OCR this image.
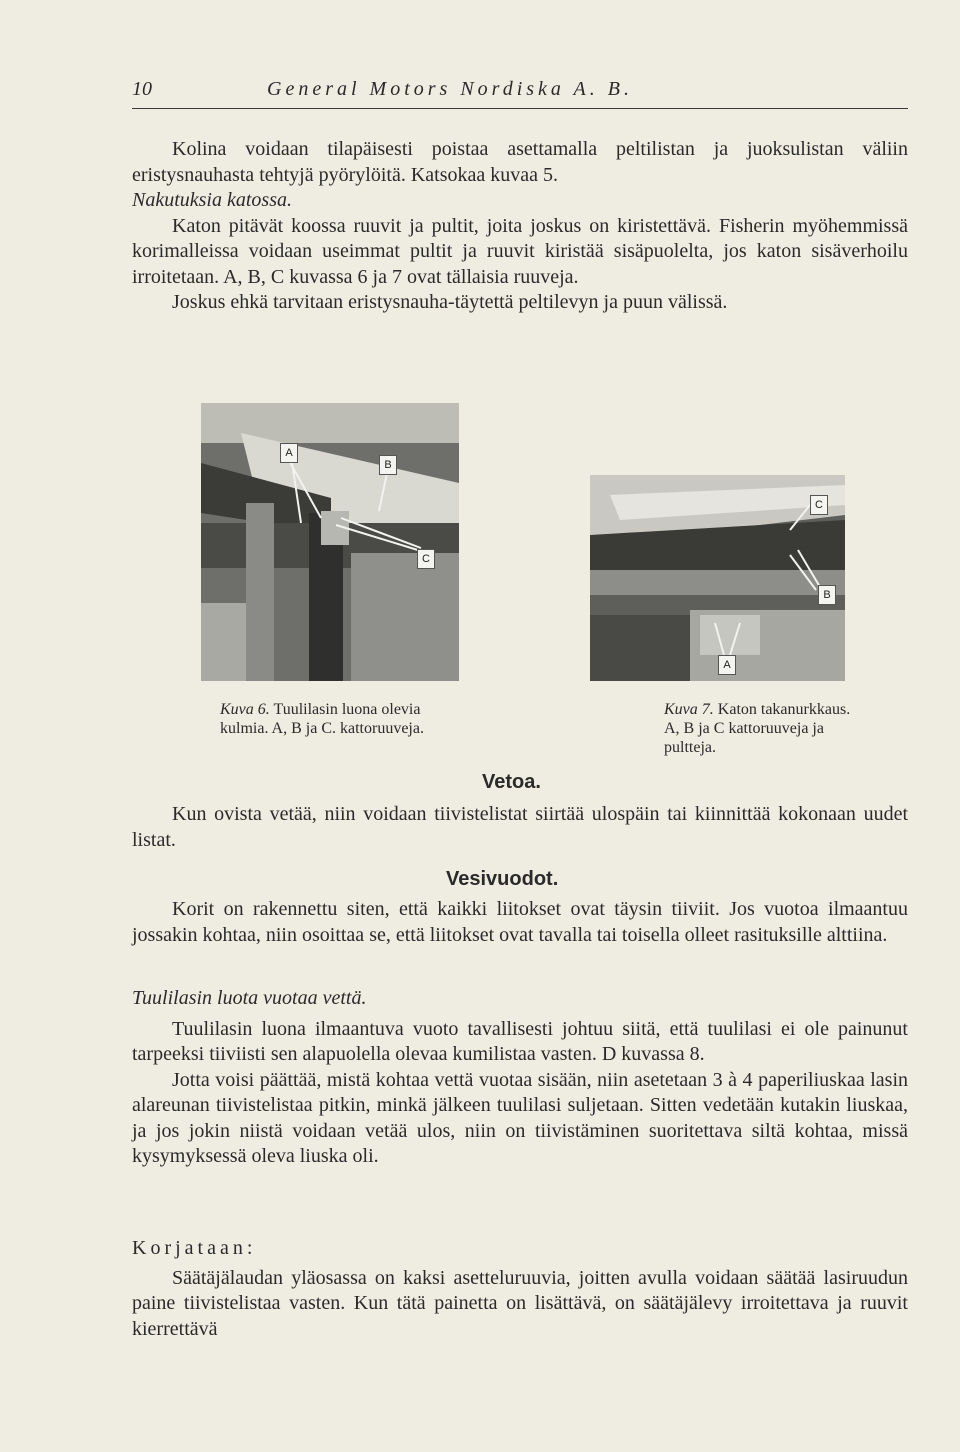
10	General Motors Nordiska A. B.

Kolina voidaan tilapäisesti poistaa asettamalla peltilistan ja juoksulistan väliin eristysnauhasta tehtyjä pyörylöitä. Katsokaa kuvaa 5.

Nakutuksia katossa.

Katon pitävät koossa ruuvit ja pultit, joita joskus on kiristettävä. Fisherin myöhemmissä korimalleissa voidaan useimmat pultit ja ruuvit kiristää sisäpuolelta, jos katon sisäverhoilu irroitetaan. A, B, C kuvassa 6 ja 7 ovat tällaisia ruuveja.

Joskus ehkä tarvitaan eristysnauha-täytettä peltilevyn ja puun välissä.

A
B
C
C
B
A
Kuva 6. Tuulilasin luona olevia kulmia. A, B ja C. kattoruuveja.
Kuva 7. Katon takanurkkaus. A, B ja C kattoruuveja ja pultteja.
Vetoa.

Kun ovista vetää, niin voidaan tiivistelistat siirtää ulospäin tai kiinnittää kokonaan uudet listat.

Vesivuodot.

Korit on rakennettu siten, että kaikki liitokset ovat täysin tiiviit. Jos vuotoa ilmaantuu jossakin kohtaa, niin osoittaa se, että liitokset ovat tavalla tai toisella olleet rasituksille alttiina.

Tuulilasin luota vuotaa vettä.

Tuulilasin luona ilmaantuva vuoto tavallisesti johtuu siitä, että tuulilasi ei ole painunut tarpeeksi tiiviisti sen alapuolella olevaa kumilistaa vasten. D kuvassa 8.

Jotta voisi päättää, mistä kohtaa vettä vuotaa sisään, niin asetetaan 3 à 4 paperiliuskaa lasin alareunan tiivistelistaa pitkin, minkä jälkeen tuulilasi suljetaan. Sitten vedetään kutakin liuskaa, ja jos jokin niistä voidaan vetää ulos, niin on tiivistäminen suoritettava siltä kohtaa, missä kysymyksessä oleva liuska oli.

Korjataan:

Säätäjälaudan yläosassa on kaksi asetteluruuvia, joitten avulla voidaan säätää lasiruudun paine tiivistelistaa vasten. Kun tätä painetta on lisättävä, on säätäjälevy irroitettava ja ruuvit kierrettävä
